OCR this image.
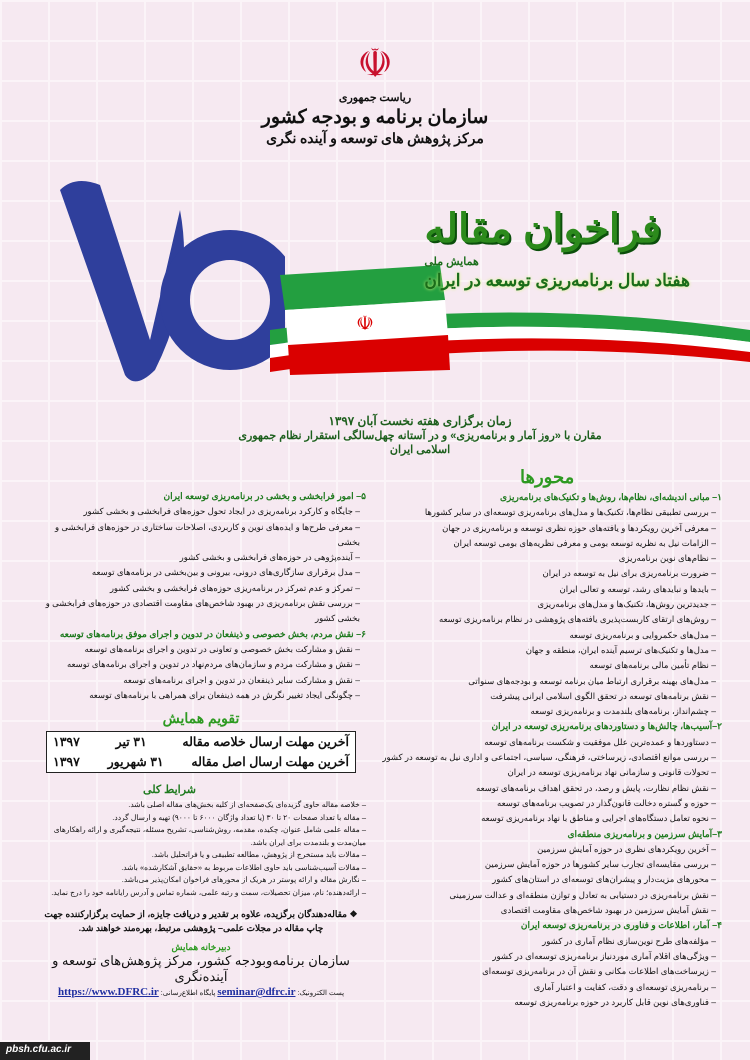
☫
ریاست جمهوری
سازمان برنامه و بودجه کشور
مرکز پژوهش های توسعه و آینده نگری
☫
فراخوان مقاله
همایش ملی
هفتاد سال برنامه‌ریزی توسعه در ایران
زمان برگزاری هفته نخست آبان ۱۳۹۷
مقارن با «روز آمار و برنامه‌ریزی» و در آستانه چهل‌سالگی استقرار نظام جمهوری اسلامی ایران
محورها
۱– مبانی اندیشه‌ای، نظام‌ها، روش‌ها و تکنیک‌های برنامه‌ریزی
– بررسی تطبیقی نظام‌ها، تکنیک‌ها و مدل‌های برنامه‌ریزی توسعه‌ای در سایر کشورها
– معرفی آخرین رویکردها و یافته‌های حوزه نظری توسعه و برنامه‌ریزی در جهان
– الزامات نیل به نظریه توسعه بومی و معرفی نظریه‌های بومی توسعه ایران
– نظام‌های نوین برنامه‌ریزی
– ضرورت برنامه‌ریزی برای نیل به توسعه در ایران
– بایدها و نبایدهای رشد، توسعه و تعالی ایران
– جدیدترین روش‌ها، تکنیک‌ها و مدل‌های برنامه‌ریزی
– روش‌های ارتقای کاربست‌پذیری یافته‌های پژوهشی در نظام برنامه‌ریزی توسعه
– مدل‌های حکمروایی و برنامه‌ریزی توسعه
– مدل‌ها و تکنیک‌های ترسیم آینده ایران، منطقه و جهان
– نظام تأمین مالی برنامه‌های توسعه
– مدل‌های بهینه برقراری ارتباط میان برنامه توسعه و بودجه‌های سنواتی
– نقش برنامه‌های توسعه در تحقق الگوی اسلامی ایرانی پیشرفت
– چشم‌انداز، برنامه‌های بلندمدت و برنامه‌ریزی توسعه
۲–آسیب‌ها، چالش‌ها و دستاوردهای برنامه‌ریزی توسعه در ایران
– دستاوردها و عمده‌ترین علل موفقیت و شکست برنامه‌های توسعه
– بررسی موانع اقتصادی، زیرساختی، فرهنگی، سیاسی، اجتماعی و اداری نیل به توسعه در کشور
– تحولات قانونی و سازمانی نهاد برنامه‌ریزی توسعه در ایران
– نقش نظام نظارت، پایش و رصد، در تحقق اهداف برنامه‌های توسعه
– حوزه و گستره دخالت قانون‌گذار در تصویب برنامه‌های توسعه
– نحوه تعامل دستگاه‌های اجرایی و مناطق با نهاد برنامه‌ریزی توسعه
۳–آمایش سرزمین و برنامه‌ریزی منطقه‌ای
– آخرین رویکردهای نظری در حوزه آمایش سرزمین
– بررسی مقایسه‌ای تجارب سایر کشورها در حوزه آمایش سرزمین
– محورهای مزیت‌دار و پیشران‌های توسعه‌ای در استان‌های کشور
– نقش برنامه‌ریزی در دستیابی به تعادل و توازن منطقه‌ای و عدالت سرزمینی
– نقش آمایش سرزمین در بهبود شاخص‌های مقاومت اقتصادی
۴– آمار، اطلاعات و فناوری در برنامه‌ریزی توسعه ایران
– مؤلفه‌های طرح نوین‌سازی نظام آماری در کشور
– ویژگی‌های اقلام آماری موردنیاز برنامه‌ریزی توسعه‌ای در کشور
– زیرساخت‌های اطلاعات مکانی و نقش آن در برنامه‌ریزی توسعه‌ای
– برنامه‌ریزی توسعه‌ای و دقت، کفایت و اعتبار آماری
– فناوری‌های نوین قابل کاربرد در حوزه برنامه‌ریزی توسعه
۵– امور فرابخشی و بخشی در برنامه‌ریزی توسعه ایران
– جایگاه و کارکرد برنامه‌ریزی در ایجاد تحول حوزه‌های فرابخشی و بخشی کشور
– معرفی طرح‌ها و ایده‌های نوین و کاربردی، اصلاحات ساختاری در حوزه‌های فرابخشی و بخشی
– آینده‌پژوهی در حوزه‌های فرابخشی و بخشی کشور
– مدل برقراری سازگاری‌های درونی، بیرونی و بین‌بخشی در برنامه‌های توسعه
– تمرکز و عدم تمرکز در برنامه‌ریزی حوزه‌های فرابخشی و بخشی کشور
– بررسی نقش برنامه‌ریزی در بهبود شاخص‌های مقاومت اقتصادی در حوزه‌های فرابخشی و بخشی کشور
۶– نقش مردم، بخش خصوصی و ذینفعان در تدوین و اجرای موفق برنامه‌های توسعه
– نقش و مشارکت بخش خصوصی و تعاونی در تدوین و اجرای برنامه‌های توسعه
– نقش و مشارکت مردم و سازمان‌های مردم‌نهاد در تدوین و اجرای برنامه‌های توسعه
– نقش و مشارکت سایر ذینفعان در تدوین و اجرای برنامه‌های توسعه
– چگونگی ایجاد تغییر نگرش در همه ذینفعان برای همراهی با برنامه‌های توسعه
تقویم همایش
آخرین مهلت ارسال خلاصه مقاله
۳۱ تیر
۱۳۹۷
آخرین مهلت ارسال اصل مقاله
۳۱ شهریور
۱۳۹۷
شرایط کلی
– خلاصه مقاله حاوی گزیده‌ای یک‌صفحه‌ای از کلیه بخش‌های مقاله اصلی باشد.
– مقاله با تعداد صفحات ۲۰ تا ۳۰ (یا تعداد واژگان ۶۰۰۰ تا ۹۰۰۰) تهیه و ارسال گردد.
– مقاله علمی شامل عنوان، چکیده، مقدمه، روش‌شناسی، تشریح مسئله، نتیجه‌گیری و ارائه راهکارهای میان‌مدت و بلندمدت برای ایران باشد.
– مقالات باید مستخرج از پژوهش، مطالعه تطبیقی و یا فراتحلیل باشد.
– مقالات آسیب‌شناسی باید حاوی اطلاعات مربوط به «حقایق آشکارشده» باشد.
– نگارش مقاله و ارائه پوستر در هریک از محورهای فراخوان امکان‌پذیر می‌باشد.
– ارائه‌دهنده؛ نام، میزان تحصیلات، سمت و رتبه علمی، شماره تماس و آدرس رایانامه خود را درج نماید.
❖ مقاله‌دهندگان برگزیده، علاوه بر تقدیر و دریافت جایزه، از حمایت برگزارکننده جهت چاپ مقاله در مجلات علمی– پژوهشی مرتبط، بهره‌مند خواهند شد.
دبیرخانه همایش
سازمان برنامه‌وبودجه کشور، مرکز پژوهش‌های توسعه و آینده‌نگری
پست الکترونیک: seminar@dfrc.ir پایگاه اطلاع‌رسانی: https://www.DFRC.ir
pbsh.cfu.ac.ir
